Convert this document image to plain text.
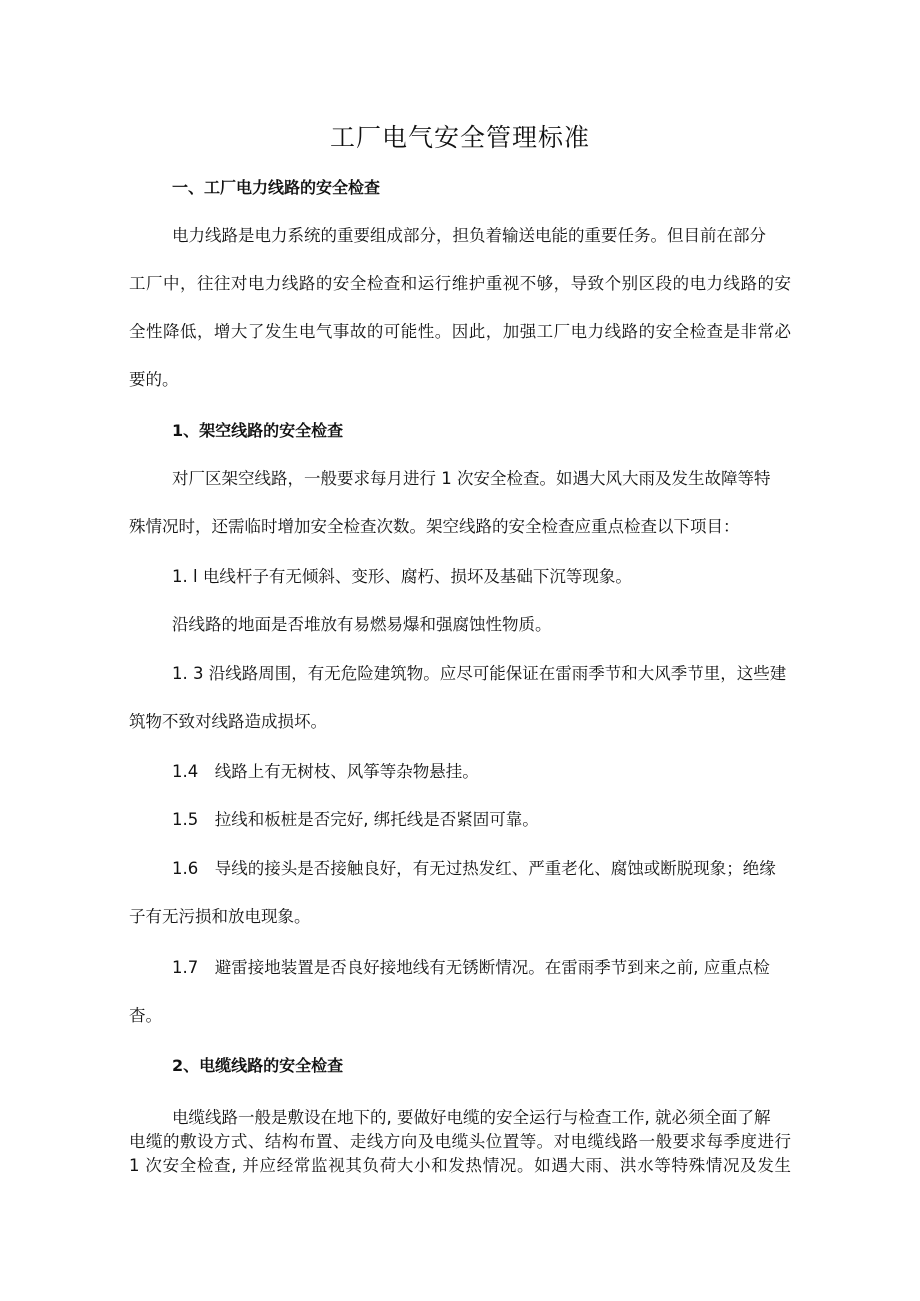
工厂电气安全管理标准

一、工厂电力线路的安全检查

电力线路是电力系统的重要组成部分，担负着输送电能的重要任务。但目前在部分

工厂中，往往对电力线路的安全检查和运行维护重视不够，导致个别区段的电力线路的安

全性降低，增大了发生电气事故的可能性。因此，加强工厂电力线路的安全检查是非常必

要的。

1、架空线路的安全检查

对厂区架空线路，一般要求每月进行 1 次安全检查。如遇大风大雨及发生故障等特

殊情况时，还需临时增加安全检查次数。架空线路的安全检查应重点检查以下项目：

1. l 电线杆子有无倾斜、变形、腐朽、损坏及基础下沉等现象。

沿线路的地面是否堆放有易燃易爆和强腐蚀性物质。

1. 3 沿线路周围，有无危险建筑物。应尽可能保证在雷雨季节和大风季节里，这些建

筑物不致对线路造成损坏。

1.4　线路上有无树枝、风筝等杂物悬挂。

1.5　拉线和板桩是否完好, 绑托线是否紧固可靠。

1.6　导线的接头是否接触良好，有无过热发红、严重老化、腐蚀或断脱现象；绝缘

子有无污损和放电现象。

1.7　避雷接地装置是否良好接地线有无锈断情况。在雷雨季节到来之前, 应重点检

杳。

2、电缆线路的安全检查

电缆线路一般是敷设在地下的, 要做好电缆的安全运行与检查工作, 就必须全面了解

电缆的敷设方式、结构布置、走线方向及电缆头位置等。对电缆线路一般要求每季度进行

1 次安全检查, 并应经常监视其负荷大小和发热情况。如遇大雨、洪水等特殊情况及发生
